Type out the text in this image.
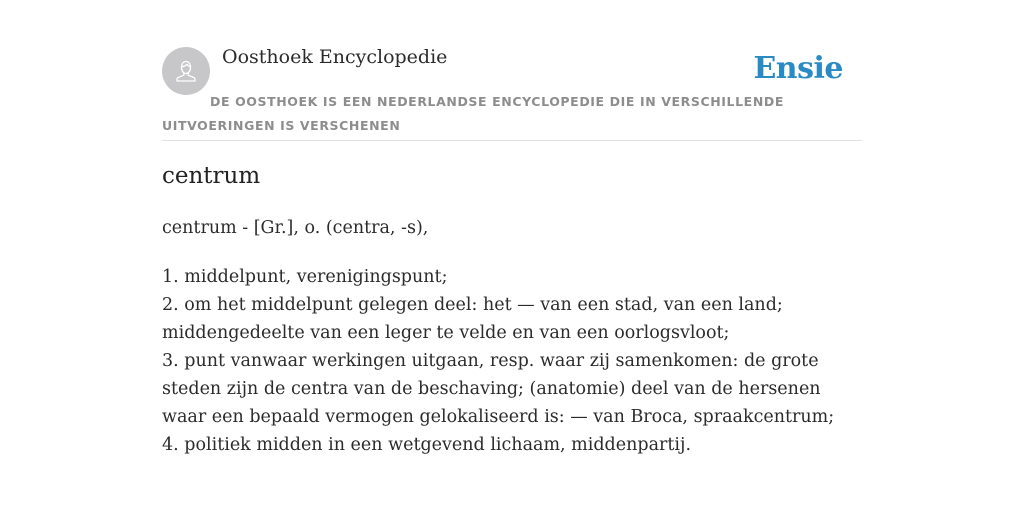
Oosthoek Encyclopedie	Ensie
DE OOSTHOEK IS EEN NEDERLANDSE ENCYCLOPEDIE DIE IN VERSCHILLENDE UITVOERINGEN IS VERSCHENEN
centrum

centrum - [Gr.], o. (centra, -s),

1. middelpunt, verenigingspunt;
2. om het middelpunt gelegen deel: het — van een stad, van een land; middengedeelte van een leger te velde en van een oorlogsvloot;
3. punt vanwaar werkingen uitgaan, resp. waar zij samenkomen: de grote steden zijn de centra van de beschaving; (anatomie) deel van de hersenen waar een bepaald vermogen gelokaliseerd is: — van Broca, spraakcentrum;
4. politiek midden in een wetgevend lichaam, middenpartij.
